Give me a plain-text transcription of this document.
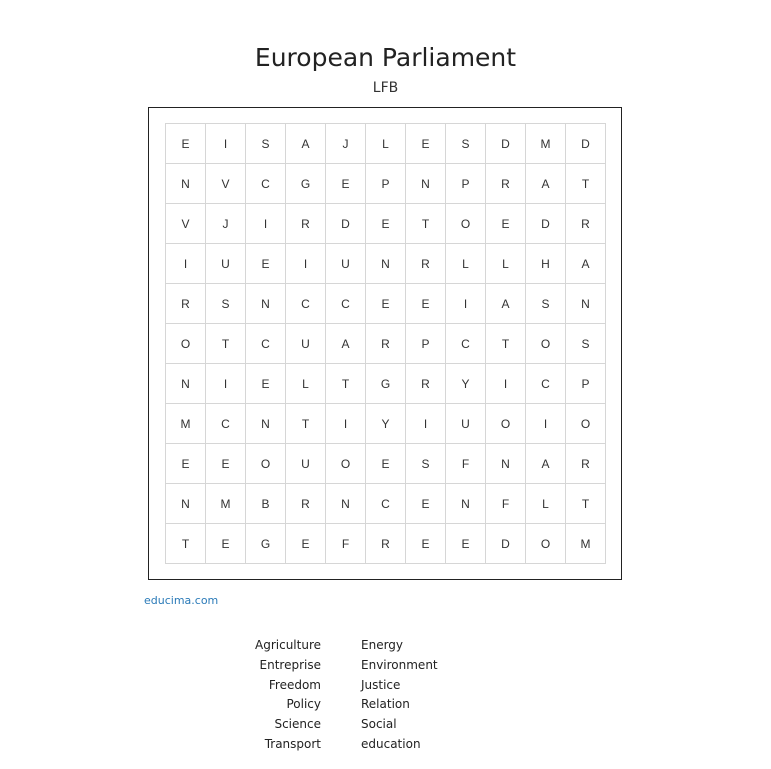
European Parliament
LFB
E	I	S	A	J	L	E	S	D	M	D
N	V	C	G	E	P	N	P	R	A	T
V	J	I	R	D	E	T	O	E	D	R
I	U	E	I	U	N	R	L	L	H	A
R	S	N	C	C	E	E	I	A	S	N
O	T	C	U	A	R	P	C	T	O	S
N	I	E	L	T	G	R	Y	I	C	P
M	C	N	T	I	Y	I	U	O	I	O
E	E	O	U	O	E	S	F	N	A	R
N	M	B	R	N	C	E	N	F	L	T
T	E	G	E	F	R	E	E	D	O	M
educima.com
Agriculture	Energy
Entreprise	Environment
Freedom	Justice
Policy	Relation
Science	Social
Transport	education
